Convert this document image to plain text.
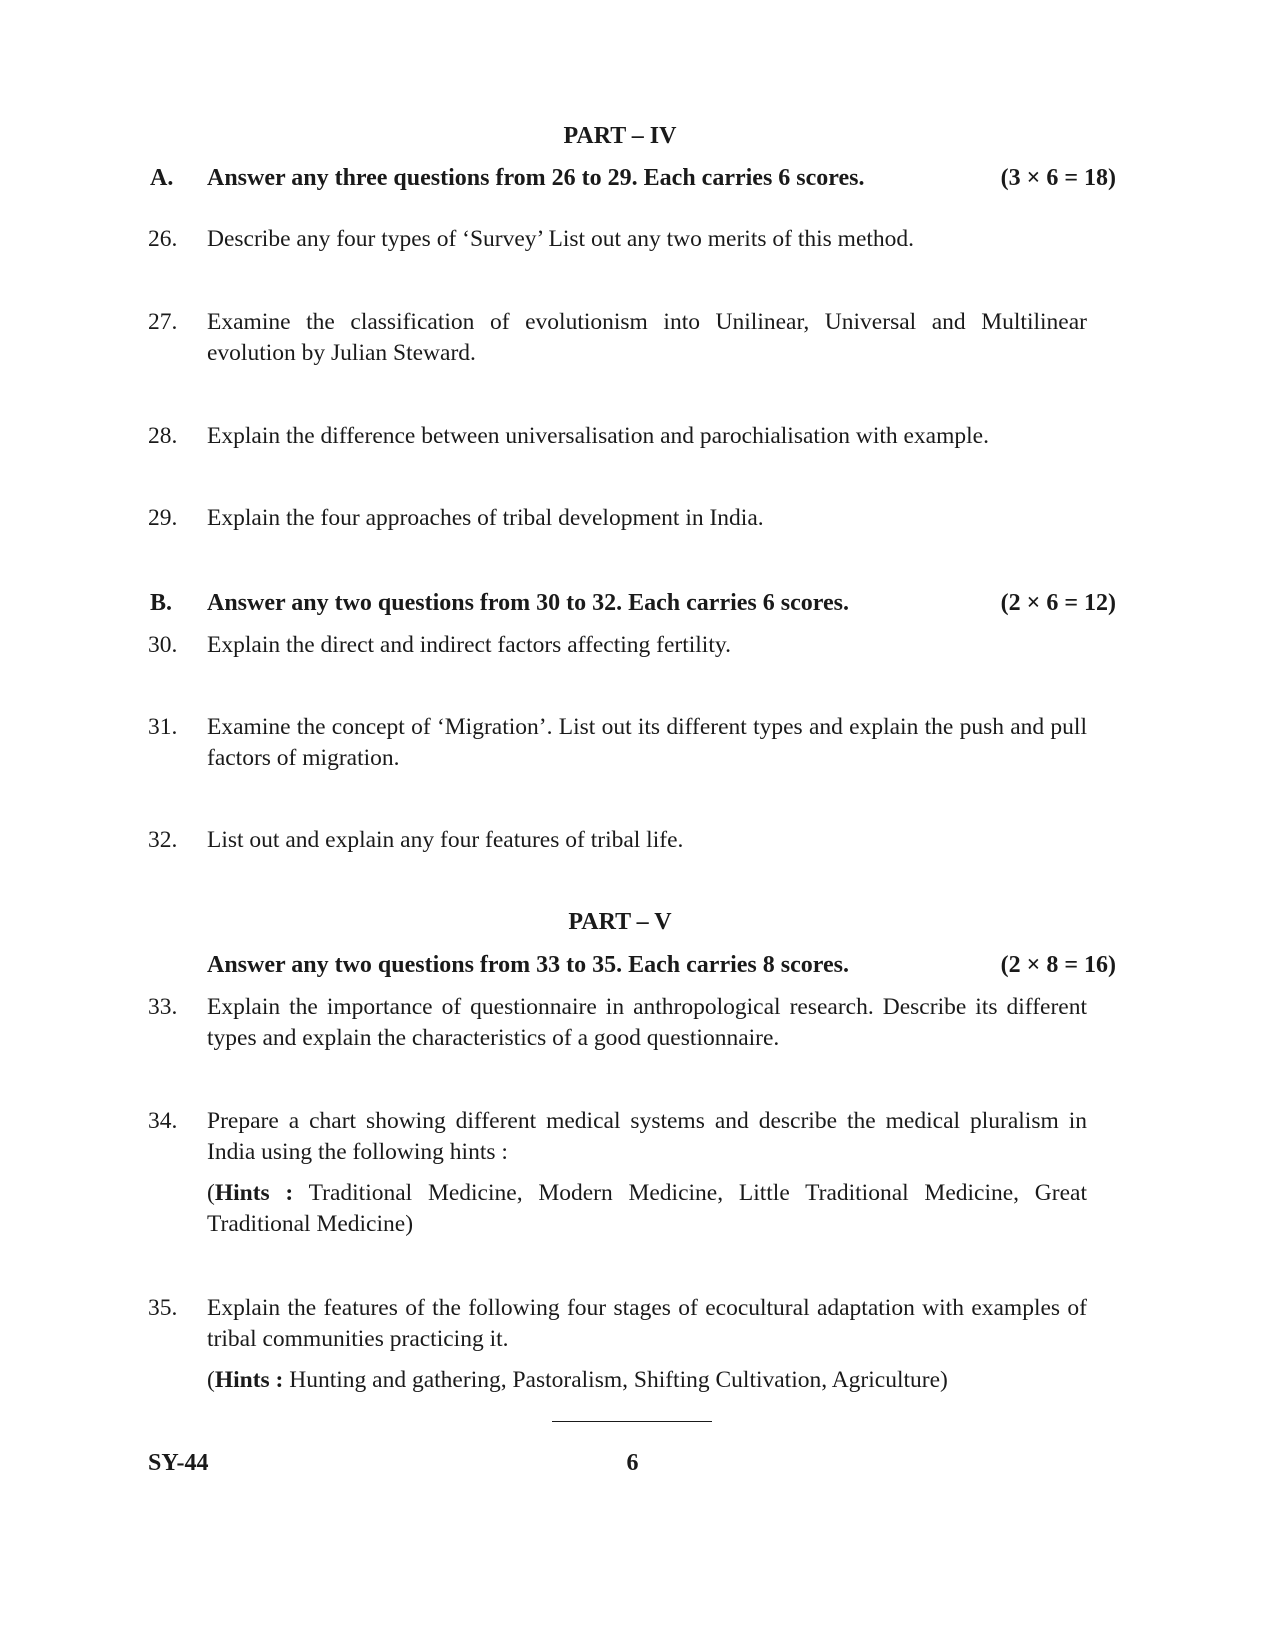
PART – IV
A. Answer any three questions from 26 to 29. Each carries 6 scores.	(3 × 6 = 18)
26.	Describe any four types of ‘Survey’ List out any two merits of this method.
27.	Examine the classification of evolutionism into Unilinear, Universal and Multilinear evolution by Julian Steward.
28.	Explain the difference between universalisation and parochialisation with example.
29.	Explain the four approaches of tribal development in India.
B. Answer any two questions from 30 to 32. Each carries 6 scores.	(2 × 6 = 12)
30.	Explain the direct and indirect factors affecting fertility.
31.	Examine the concept of ‘Migration’. List out its different types and explain the push and pull factors of migration.
32.	List out and explain any four features of tribal life.
PART – V
Answer any two questions from 33 to 35. Each carries 8 scores.	(2 × 8 = 16)
33.	Explain the importance of questionnaire in anthropological research. Describe its different types and explain the characteristics of a good questionnaire.
34.	Prepare a chart showing different medical systems and describe the medical pluralism in India using the following hints :
(Hints : Traditional Medicine, Modern Medicine, Little Traditional Medicine, Great Traditional Medicine)
35.	Explain the features of the following four stages of ecocultural adaptation with examples of tribal communities practicing it.
(Hints : Hunting and gathering, Pastoralism, Shifting Cultivation, Agriculture)
SY-44	6
